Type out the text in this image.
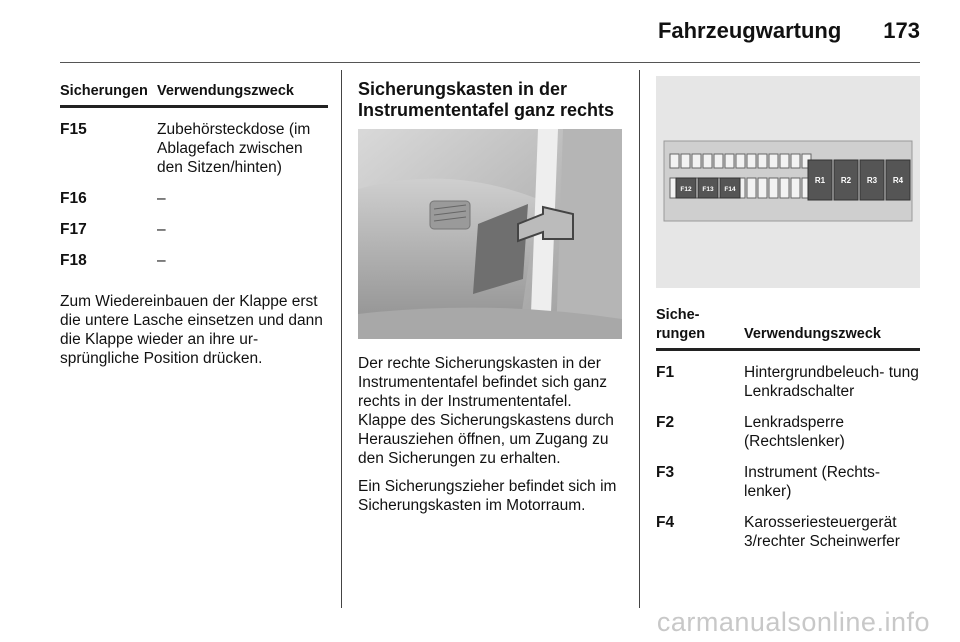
Fahrzeugwartung 173
Sicherungen Verwendungszweck
F15	Zubehörsteckdose (im Ablagefach zwischen den Sitzen/hinten)
F16	–
F17	–
F18	–
Zum Wiedereinbauen der Klappe erst die untere Lasche einsetzen und dann die Klappe wieder an ihre ur- sprüngliche Position drücken.
Sicherungskasten in der Instrumententafel ganz rechts

Der rechte Sicherungskasten in der Instrumententafel befindet sich ganz rechts in der Instrumententafel. Klappe des Sicherungskastens durch Herausziehen öffnen, um Zugang zu den Sicherungen zu erhalten.

Ein Sicherungszieher befindet sich im Sicherungskasten im Motorraum.

F12 F13 F14
R1 R2 R3 R4
Siche- rungen	Verwendungszweck
F1	Hintergrundbeleuch- tung Lenkradschalter
F2	Lenkradsperre (Rechtslenker)
F3	Instrument (Rechts- lenker)
F4	Karosseriesteuergerät 3/rechter Scheinwerfer
carmanualsonline.info
